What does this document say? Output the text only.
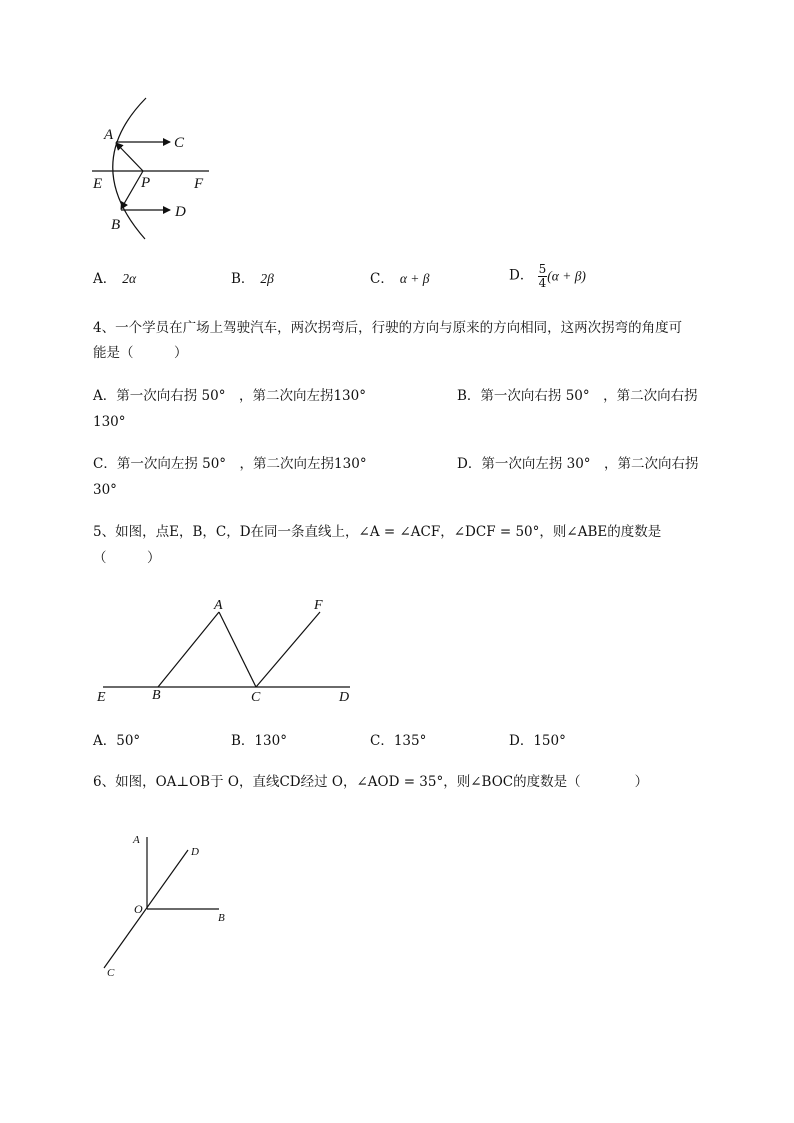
A	C
E	P	F
B
D
A． 2α	B． 2β	C． α + β	D． $\frac{5}{4} (\alpha + \beta)$
4、一个学员在广场上驾驶汽车，两次拐弯后，行驶的方向与原来的方向相同，这两次拐弯的角度可
能是（　　　）
A．第一次向右拐 50°　，第二次向左拐130°	B．第一次向右拐 50°　，第二次向右拐
130°
C．第一次向左拐 50°　，第二次向左拐130°	D．第一次向左拐 30°　，第二次向右拐
30°
5、如图，点E，B，C，D在同一条直线上，∠A = ∠ACF，∠DCF = 50°，则∠ABE的度数是
（　　　）
A	F
E	B	C	D
A．50°	B．130°	C．135°	D．150°
6、如图，OA⊥OB于 O，直线CD经过 O，∠AOD = 35°，则∠BOC的度数是（　　　　）
A
D
O
B
C
